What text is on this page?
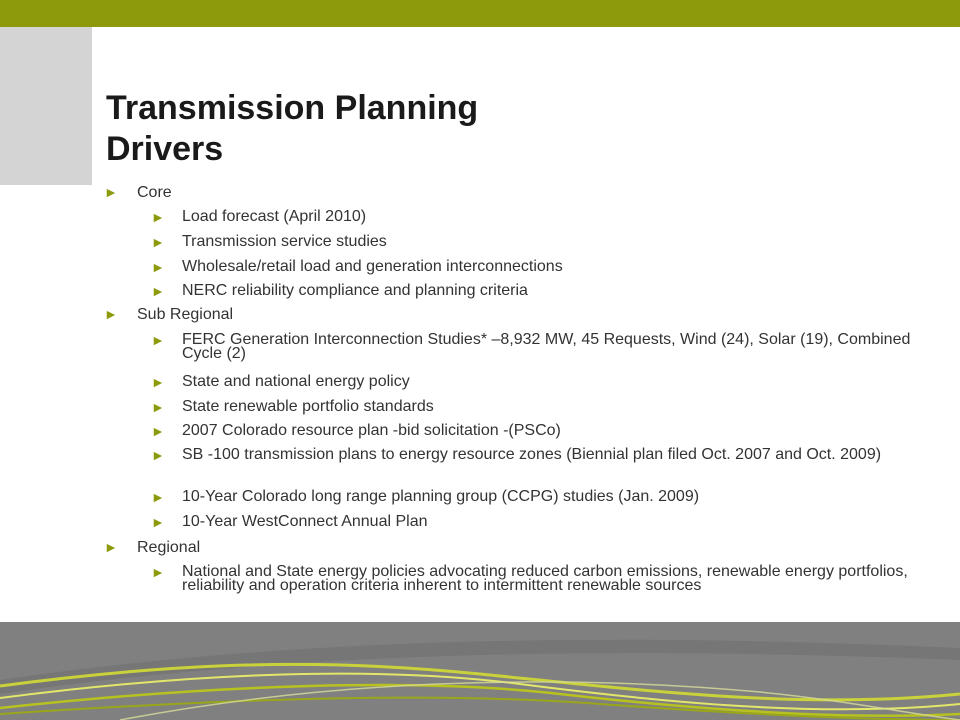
Transmission Planning
Drivers
► Core
► Load forecast (April 2010)
► Transmission service studies
► Wholesale/retail load and generation interconnections
► NERC reliability compliance and planning criteria
► Sub Regional
► FERC Generation Interconnection Studies* –8,932 MW, 45 Requests, Wind (24), Solar (19), Combined Cycle (2)
► State and national energy policy
► State renewable portfolio standards
► 2007 Colorado resource plan -bid solicitation -(PSCo)
► SB -100 transmission plans to energy resource zones (Biennial plan filed Oct. 2007 and Oct. 2009)
► 10-Year Colorado long range planning group (CCPG) studies (Jan. 2009)
► 10-Year WestConnect Annual Plan
► Regional
► National and State energy policies advocating reduced carbon emissions, renewable energy portfolios, reliability and operation criteria inherent to intermittent renewable sources
